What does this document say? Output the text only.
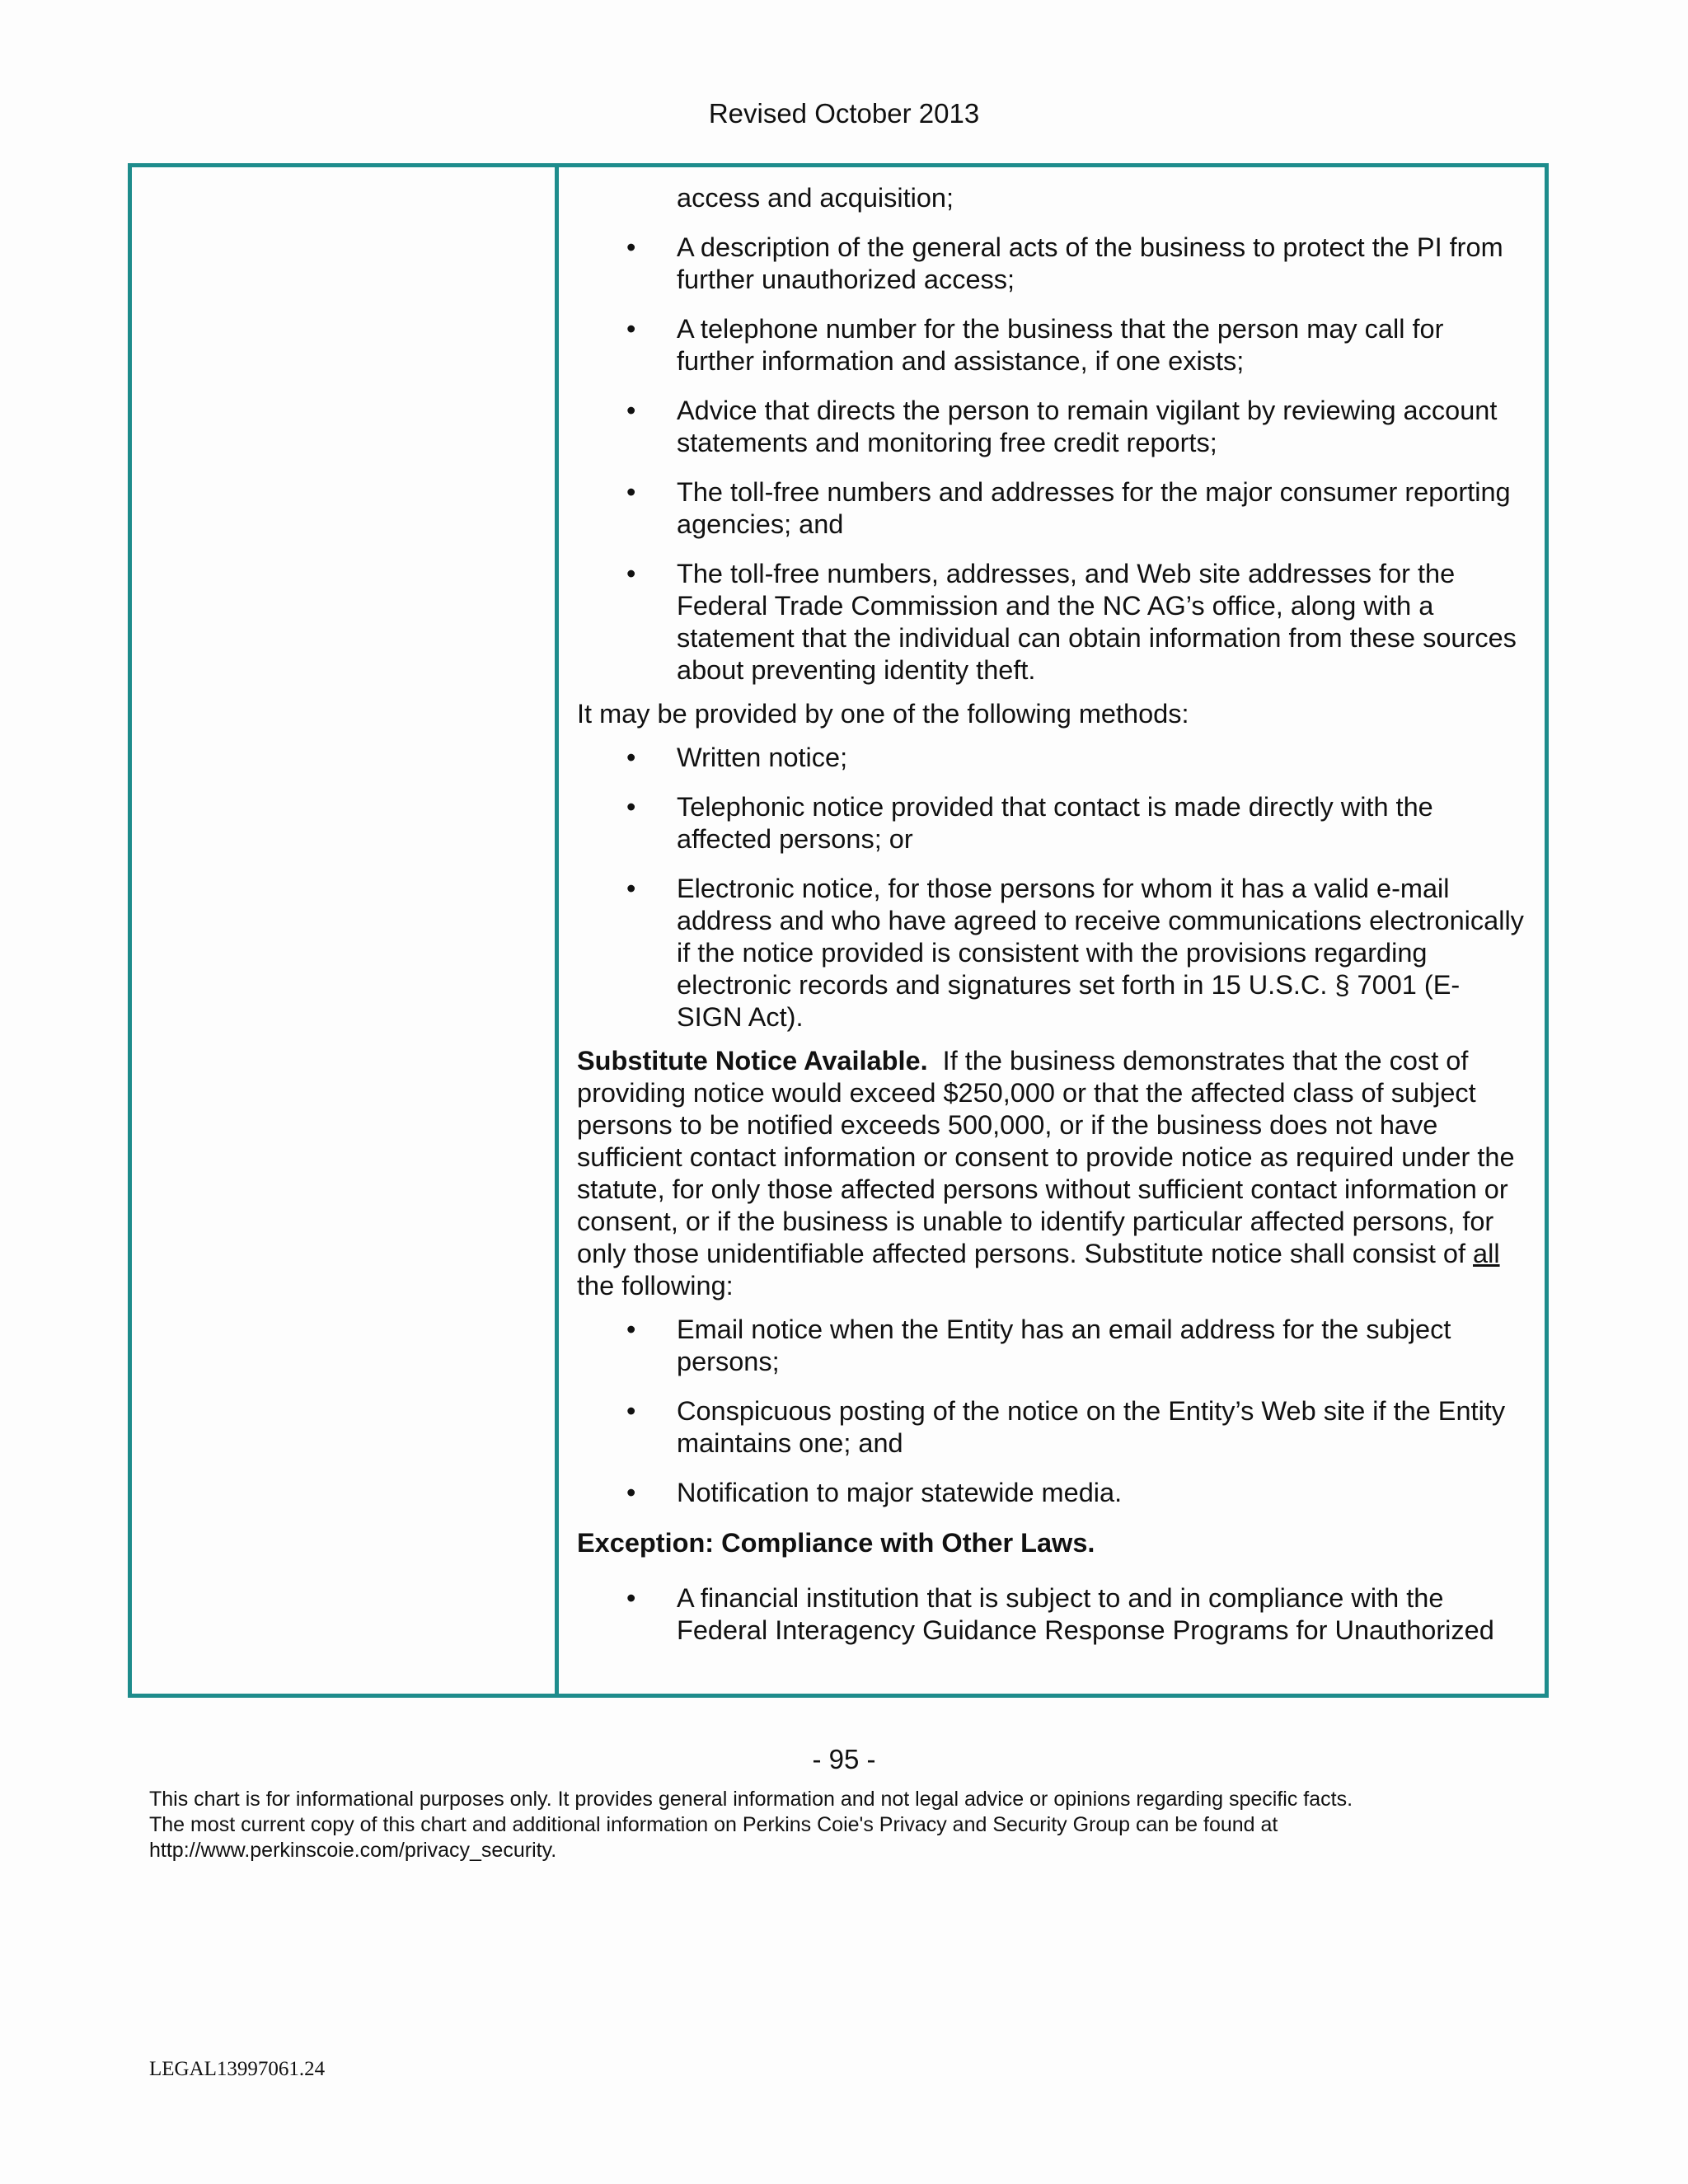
Revised October 2013
access and acquisition;
• A description of the general acts of the business to protect the PI from further unauthorized access;
• A telephone number for the business that the person may call for further information and assistance, if one exists;
• Advice that directs the person to remain vigilant by reviewing account statements and monitoring free credit reports;
• The toll-free numbers and addresses for the major consumer reporting agencies; and
• The toll-free numbers, addresses, and Web site addresses for the Federal Trade Commission and the NC AG’s office, along with a statement that the individual can obtain information from these sources about preventing identity theft.
It may be provided by one of the following methods:
• Written notice;
• Telephonic notice provided that contact is made directly with the affected persons; or
• Electronic notice, for those persons for whom it has a valid e-mail address and who have agreed to receive communications electronically if the notice provided is consistent with the provisions regarding electronic records and signatures set forth in 15 U.S.C. § 7001 (E-SIGN Act).
Substitute Notice Available. If the business demonstrates that the cost of providing notice would exceed $250,000 or that the affected class of subject persons to be notified exceeds 500,000, or if the business does not have sufficient contact information or consent to provide notice as required under the statute, for only those affected persons without sufficient contact information or consent, or if the business is unable to identify particular affected persons, for only those unidentifiable affected persons. Substitute notice shall consist of all the following:
• Email notice when the Entity has an email address for the subject persons;
• Conspicuous posting of the notice on the Entity’s Web site if the Entity maintains one; and
• Notification to major statewide media.
Exception: Compliance with Other Laws.
• A financial institution that is subject to and in compliance with the Federal Interagency Guidance Response Programs for Unauthorized
- 95 -
This chart is for informational purposes only. It provides general information and not legal advice or opinions regarding specific facts.
The most current copy of this chart and additional information on Perkins Coie's Privacy and Security Group can be found at
http://www.perkinscoie.com/privacy_security.
LEGAL13997061.24
